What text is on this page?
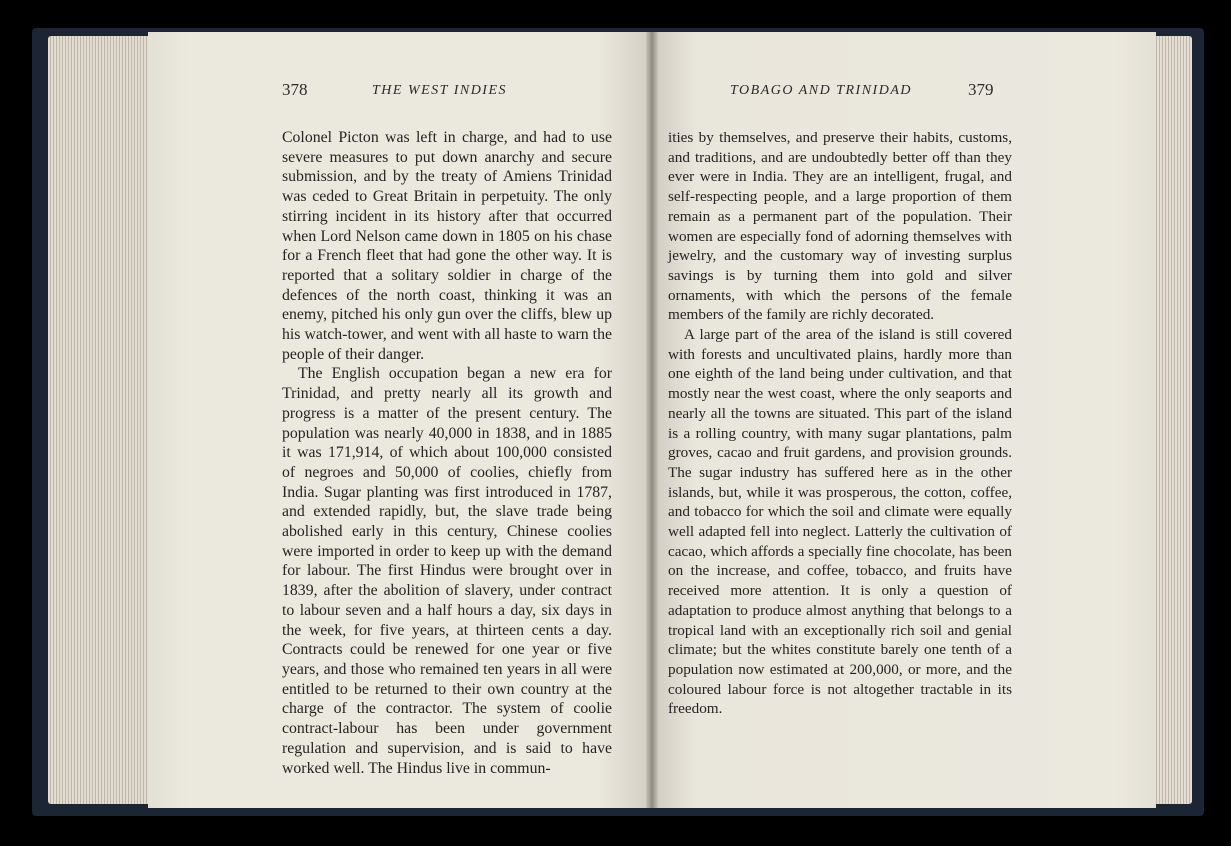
378	THE WEST INDIES	TOBAGO AND TRINIDAD	379

Colonel Picton was left in charge, and had to use severe measures to put down anarchy and secure submission, and by the treaty of Amiens Trinidad was ceded to Great Britain in perpetuity. The only stirring incident in its history after that occurred when Lord Nelson came down in 1805 on his chase for a French fleet that had gone the other way. It is reported that a solitary soldier in charge of the defences of the north coast, thinking it was an enemy, pitched his only gun over the cliffs, blew up his watch-tower, and went with all haste to warn the people of their danger.

The English occupation began a new era for Trinidad, and pretty nearly all its growth and progress is a matter of the present century. The population was nearly 40,000 in 1838, and in 1885 it was 171,914, of which about 100,000 consisted of negroes and 50,000 of coolies, chiefly from India. Sugar planting was first introduced in 1787, and extended rapidly, but, the slave trade being abolished early in this century, Chinese coolies were imported in order to keep up with the demand for labour. The first Hindus were brought over in 1839, after the abolition of slavery, under contract to labour seven and a half hours a day, six days in the week, for five years, at thirteen cents a day. Contracts could be renewed for one year or five years, and those who remained ten years in all were entitled to be returned to their own country at the charge of the contractor. The system of coolie contract-labour has been under government regulation and supervision, and is said to have worked well. The Hindus live in commun-

ities by themselves, and preserve their habits, customs, and traditions, and are undoubtedly better off than they ever were in India. They are an intelligent, frugal, and self-respecting people, and a large proportion of them remain as a permanent part of the population. Their women are especially fond of adorning themselves with jewelry, and the customary way of investing surplus savings is by turning them into gold and silver ornaments, with which the persons of the female members of the family are richly decorated.

A large part of the area of the island is still covered with forests and uncultivated plains, hardly more than one eighth of the land being under cultivation, and that mostly near the west coast, where the only seaports and nearly all the towns are situated. This part of the island is a rolling country, with many sugar plantations, palm groves, cacao and fruit gardens, and provision grounds. The sugar industry has suffered here as in the other islands, but, while it was prosperous, the cotton, coffee, and tobacco for which the soil and climate were equally well adapted fell into neglect. Latterly the cultivation of cacao, which affords a specially fine chocolate, has been on the increase, and coffee, tobacco, and fruits have received more attention. It is only a question of adaptation to produce almost anything that belongs to a tropical land with an exceptionally rich soil and genial climate; but the whites constitute barely one tenth of a population now estimated at 200,000, or more, and the coloured labour force is not altogether tractable in its freedom.
